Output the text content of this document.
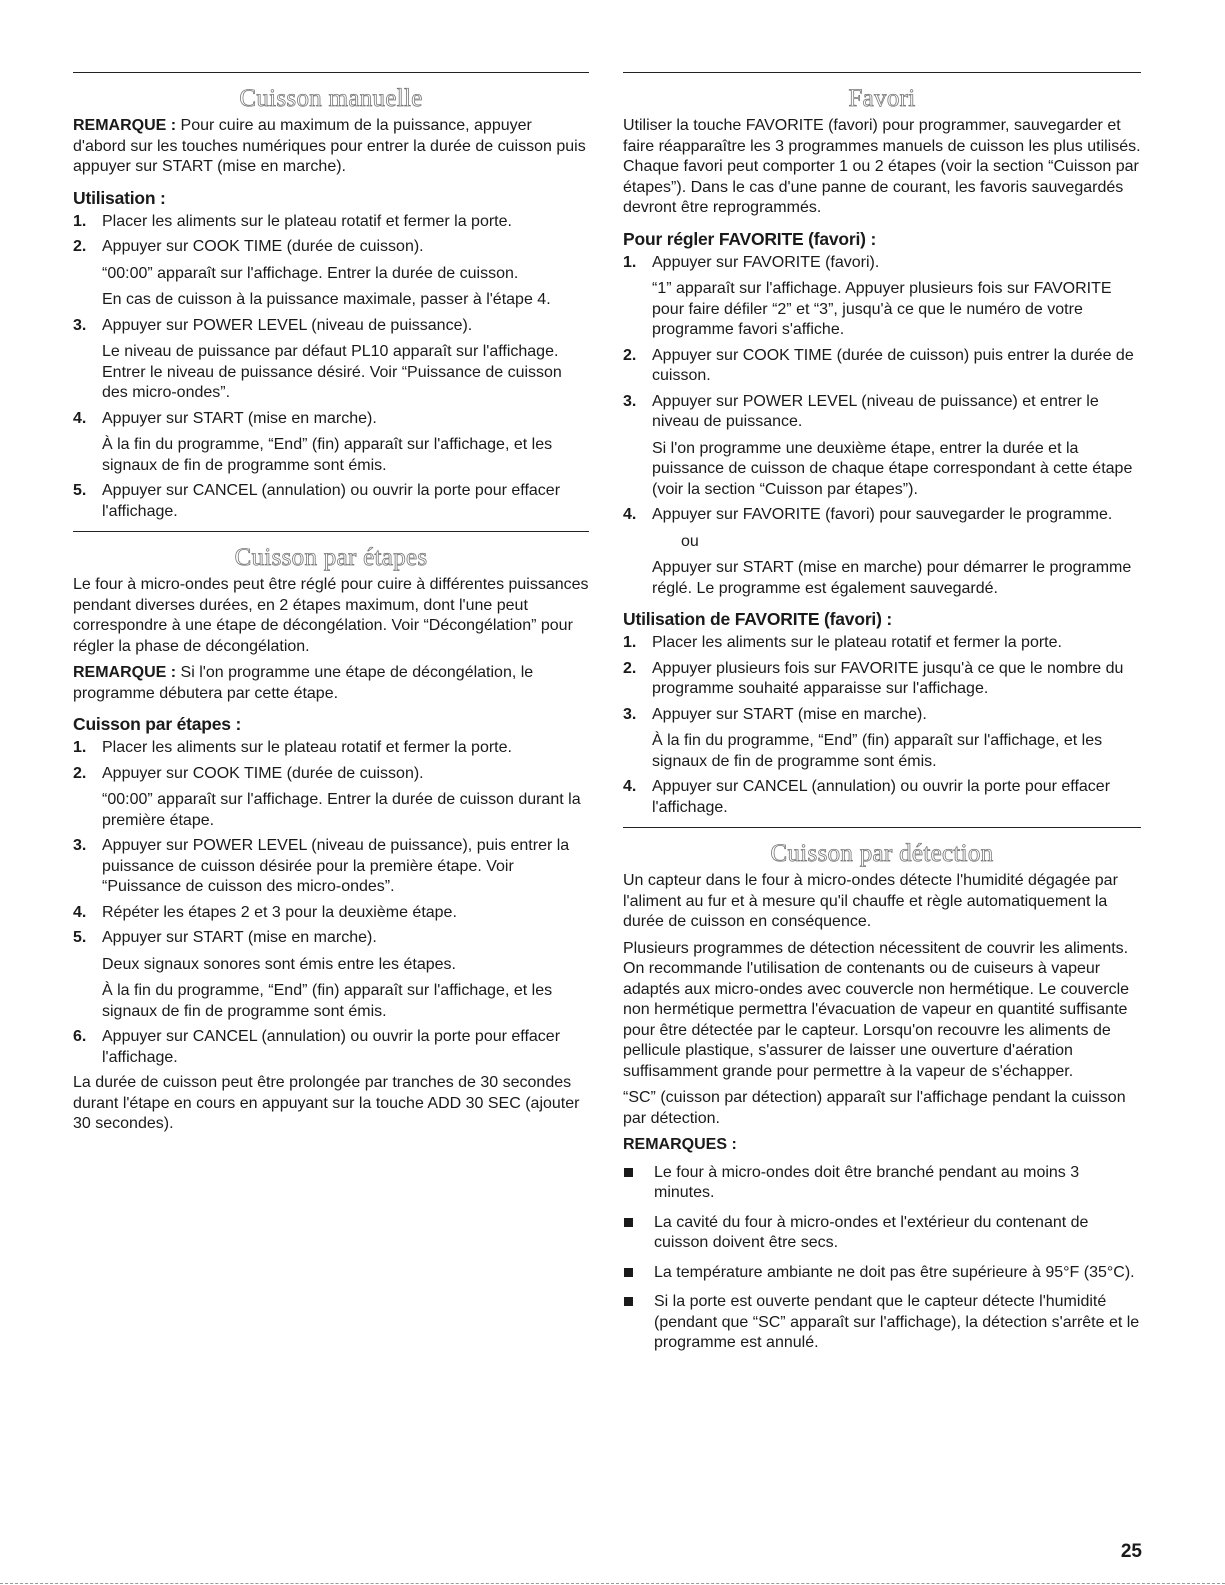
Cuisson manuelle

REMARQUE : Pour cuire au maximum de la puissance, appuyer d'abord sur les touches numériques pour entrer la durée de cuisson puis appuyer sur START (mise en marche).

Utilisation :
1. Placer les aliments sur le plateau rotatif et fermer la porte.
2. Appuyer sur COOK TIME (durée de cuisson).

“00:00” apparaît sur l'affichage. Entrer la durée de cuisson.

En cas de cuisson à la puissance maximale, passer à l'étape 4.

3. Appuyer sur POWER LEVEL (niveau de puissance).

Le niveau de puissance par défaut PL10 apparaît sur l'affichage. Entrer le niveau de puissance désiré. Voir “Puissance de cuisson des micro-ondes”.

4. Appuyer sur START (mise en marche).

À la fin du programme, “End” (fin) apparaît sur l'affichage, et les signaux de fin de programme sont émis.

5. Appuyer sur CANCEL (annulation) ou ouvrir la porte pour effacer l'affichage.
Cuisson par étapes

Le four à micro-ondes peut être réglé pour cuire à différentes puissances pendant diverses durées, en 2 étapes maximum, dont l'une peut correspondre à une étape de décongélation. Voir “Décongélation” pour régler la phase de décongélation.

REMARQUE : Si l'on programme une étape de décongélation, le programme débutera par cette étape.

Cuisson par étapes :
1. Placer les aliments sur le plateau rotatif et fermer la porte.
2. Appuyer sur COOK TIME (durée de cuisson).

“00:00” apparaît sur l'affichage. Entrer la durée de cuisson durant la première étape.

3. Appuyer sur POWER LEVEL (niveau de puissance), puis entrer la puissance de cuisson désirée pour la première étape. Voir “Puissance de cuisson des micro-ondes”.
4. Répéter les étapes 2 et 3 pour la deuxième étape.
5. Appuyer sur START (mise en marche).

Deux signaux sonores sont émis entre les étapes.

À la fin du programme, “End” (fin) apparaît sur l'affichage, et les signaux de fin de programme sont émis.

6. Appuyer sur CANCEL (annulation) ou ouvrir la porte pour effacer l'affichage.

La durée de cuisson peut être prolongée par tranches de 30 secondes durant l'étape en cours en appuyant sur la touche ADD 30 SEC (ajouter 30 secondes).

Favori

Utiliser la touche FAVORITE (favori) pour programmer, sauvegarder et faire réapparaître les 3 programmes manuels de cuisson les plus utilisés. Chaque favori peut comporter 1 ou 2 étapes (voir la section “Cuisson par étapes”). Dans le cas d'une panne de courant, les favoris sauvegardés devront être reprogrammés.

Pour régler FAVORITE (favori) :
1. Appuyer sur FAVORITE (favori).

“1” apparaît sur l'affichage. Appuyer plusieurs fois sur FAVORITE pour faire défiler “2” et “3”, jusqu'à ce que le numéro de votre programme favori s'affiche.

2. Appuyer sur COOK TIME (durée de cuisson) puis entrer la durée de cuisson.
3. Appuyer sur POWER LEVEL (niveau de puissance) et entrer le niveau de puissance.

Si l'on programme une deuxième étape, entrer la durée et la puissance de cuisson de chaque étape correspondant à cette étape (voir la section “Cuisson par étapes”).

4. Appuyer sur FAVORITE (favori) pour sauvegarder le programme.

ou

Appuyer sur START (mise en marche) pour démarrer le programme réglé. Le programme est également sauvegardé.

Utilisation de FAVORITE (favori) :
1. Placer les aliments sur le plateau rotatif et fermer la porte.
2. Appuyer plusieurs fois sur FAVORITE jusqu'à ce que le nombre du programme souhaité apparaisse sur l'affichage.
3. Appuyer sur START (mise en marche).

À la fin du programme, “End” (fin) apparaît sur l'affichage, et les signaux de fin de programme sont émis.

4. Appuyer sur CANCEL (annulation) ou ouvrir la porte pour effacer l'affichage.
Cuisson par détection

Un capteur dans le four à micro-ondes détecte l'humidité dégagée par l'aliment au fur et à mesure qu'il chauffe et règle automatiquement la durée de cuisson en conséquence.

Plusieurs programmes de détection nécessitent de couvrir les aliments. On recommande l'utilisation de contenants ou de cuiseurs à vapeur adaptés aux micro-ondes avec couvercle non hermétique. Le couvercle non hermétique permettra l'évacuation de vapeur en quantité suffisante pour être détectée par le capteur. Lorsqu'on recouvre les aliments de pellicule plastique, s'assurer de laisser une ouverture d'aération suffisamment grande pour permettre à la vapeur de s'échapper.

“SC” (cuisson par détection) apparaît sur l'affichage pendant la cuisson par détection.

REMARQUES :

Le four à micro-ondes doit être branché pendant au moins 3 minutes.
La cavité du four à micro-ondes et l'extérieur du contenant de cuisson doivent être secs.
La température ambiante ne doit pas être supérieure à 95°F (35°C).
Si la porte est ouverte pendant que le capteur détecte l'humidité (pendant que “SC” apparaît sur l'affichage), la détection s'arrête et le programme est annulé.
25
